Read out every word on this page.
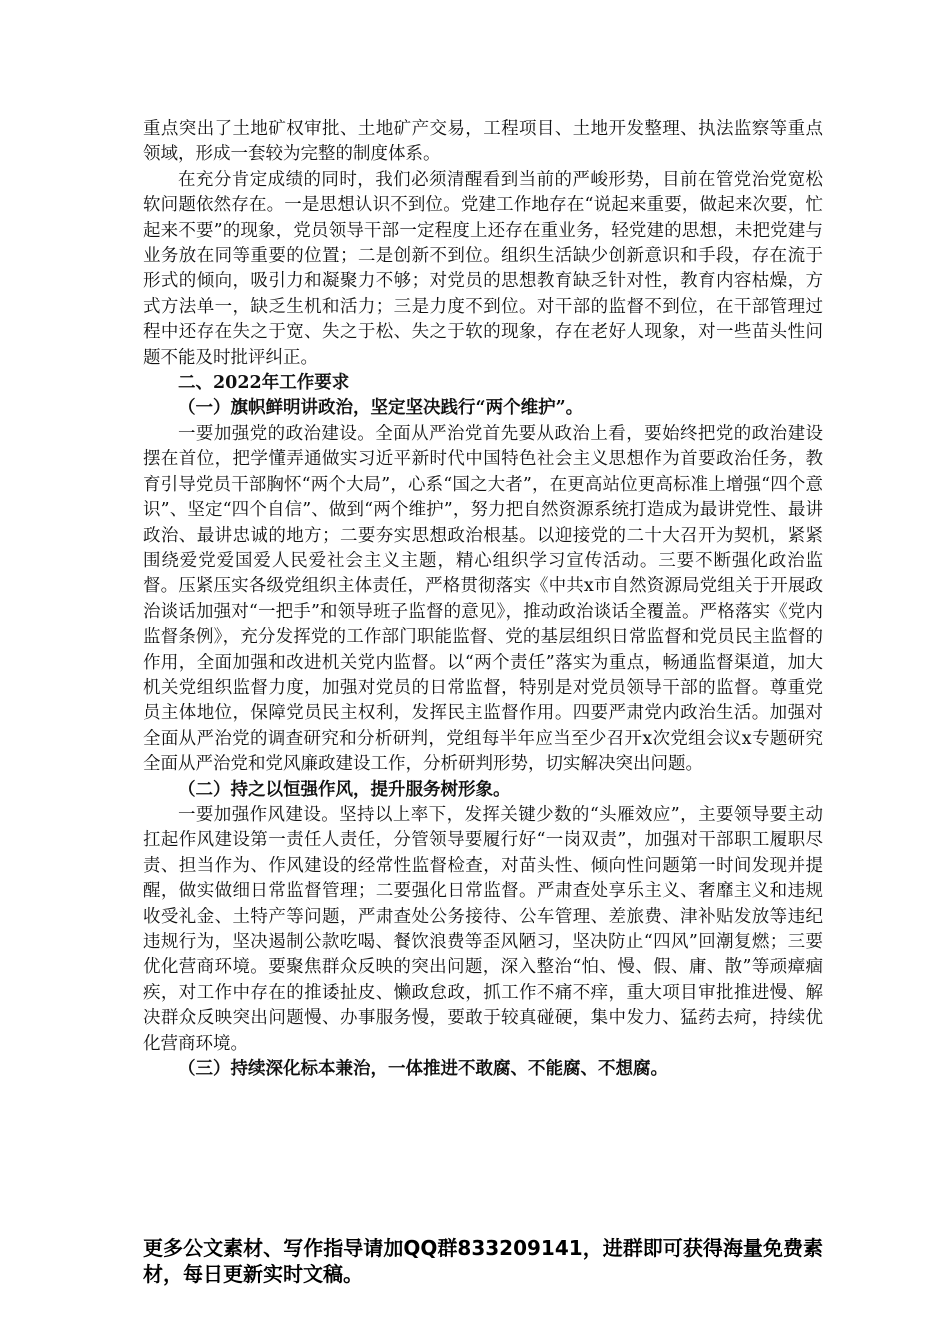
重点突出了土地矿权审批、土地矿产交易，工程项目、土地开发整理、执法监察等重点领域，形成一套较为完整的制度体系。

在充分肯定成绩的同时，我们必须清醒看到当前的严峻形势，目前在管党治党宽松软问题依然存在。一是思想认识不到位。党建工作地存在“说起来重要，做起来次要，忙起来不要”的现象，党员领导干部一定程度上还存在重业务，轻党建的思想，未把党建与业务放在同等重要的位置；二是创新不到位。组织生活缺少创新意识和手段，存在流于形式的倾向，吸引力和凝聚力不够；对党员的思想教育缺乏针对性，教育内容枯燥，方式方法单一，缺乏生机和活力；三是力度不到位。对干部的监督不到位，在干部管理过程中还存在失之于宽、失之于松、失之于软的现象，存在老好人现象，对一些苗头性问题不能及时批评纠正。

二、2022年工作要求

（一）旗帜鲜明讲政治，坚定坚决践行“两个维护”。

一要加强党的政治建设。全面从严治党首先要从政治上看，要始终把党的政治建设摆在首位，把学懂弄通做实习近平新时代中国特色社会主义思想作为首要政治任务，教育引导党员干部胸怀“两个大局”，心系“国之大者”，在更高站位更高标准上增强“四个意识”、坚定“四个自信”、做到“两个维护”，努力把自然资源系统打造成为最讲党性、最讲政治、最讲忠诚的地方；二要夯实思想政治根基。以迎接党的二十大召开为契机，紧紧围绕爱党爱国爱人民爱社会主义主题，精心组织学习宣传活动。三要不断强化政治监督。压紧压实各级党组织主体责任，严格贯彻落实《中共x市自然资源局党组关于开展政治谈话加强对“一把手”和领导班子监督的意见》，推动政治谈话全覆盖。严格落实《党内监督条例》，充分发挥党的工作部门职能监督、党的基层组织日常监督和党员民主监督的作用，全面加强和改进机关党内监督。以“两个责任”落实为重点，畅通监督渠道，加大机关党组织监督力度，加强对党员的日常监督，特别是对党员领导干部的监督。尊重党员主体地位，保障党员民主权利，发挥民主监督作用。四要严肃党内政治生活。加强对全面从严治党的调查研究和分析研判，党组每半年应当至少召开x次党组会议x专题研究全面从严治党和党风廉政建设工作，分析研判形势，切实解决突出问题。

（二）持之以恒强作风，提升服务树形象。

一要加强作风建设。坚持以上率下，发挥关键少数的“头雁效应”，主要领导要主动扛起作风建设第一责任人责任，分管领导要履行好“一岗双责”，加强对干部职工履职尽责、担当作为、作风建设的经常性监督检查，对苗头性、倾向性问题第一时间发现并提醒，做实做细日常监督管理；二要强化日常监督。严肃查处享乐主义、奢靡主义和违规收受礼金、土特产等问题，严肃查处公务接待、公车管理、差旅费、津补贴发放等违纪违规行为，坚决遏制公款吃喝、餐饮浪费等歪风陋习，坚决防止“四风”回潮复燃；三要优化营商环境。要聚焦群众反映的突出问题，深入整治“怕、慢、假、庸、散”等顽瘴痼疾，对工作中存在的推诿扯皮、懒政怠政，抓工作不痛不痒，重大项目审批推进慢、解决群众反映突出问题慢、办事服务慢，要敢于较真碰硬，集中发力、猛药去疴，持续优化营商环境。

（三）持续深化标本兼治，一体推进不敢腐、不能腐、不想腐。

更多公文素材、写作指导请加QQ群833209141，进群即可获得海量免费素材，每日更新实时文稿。
